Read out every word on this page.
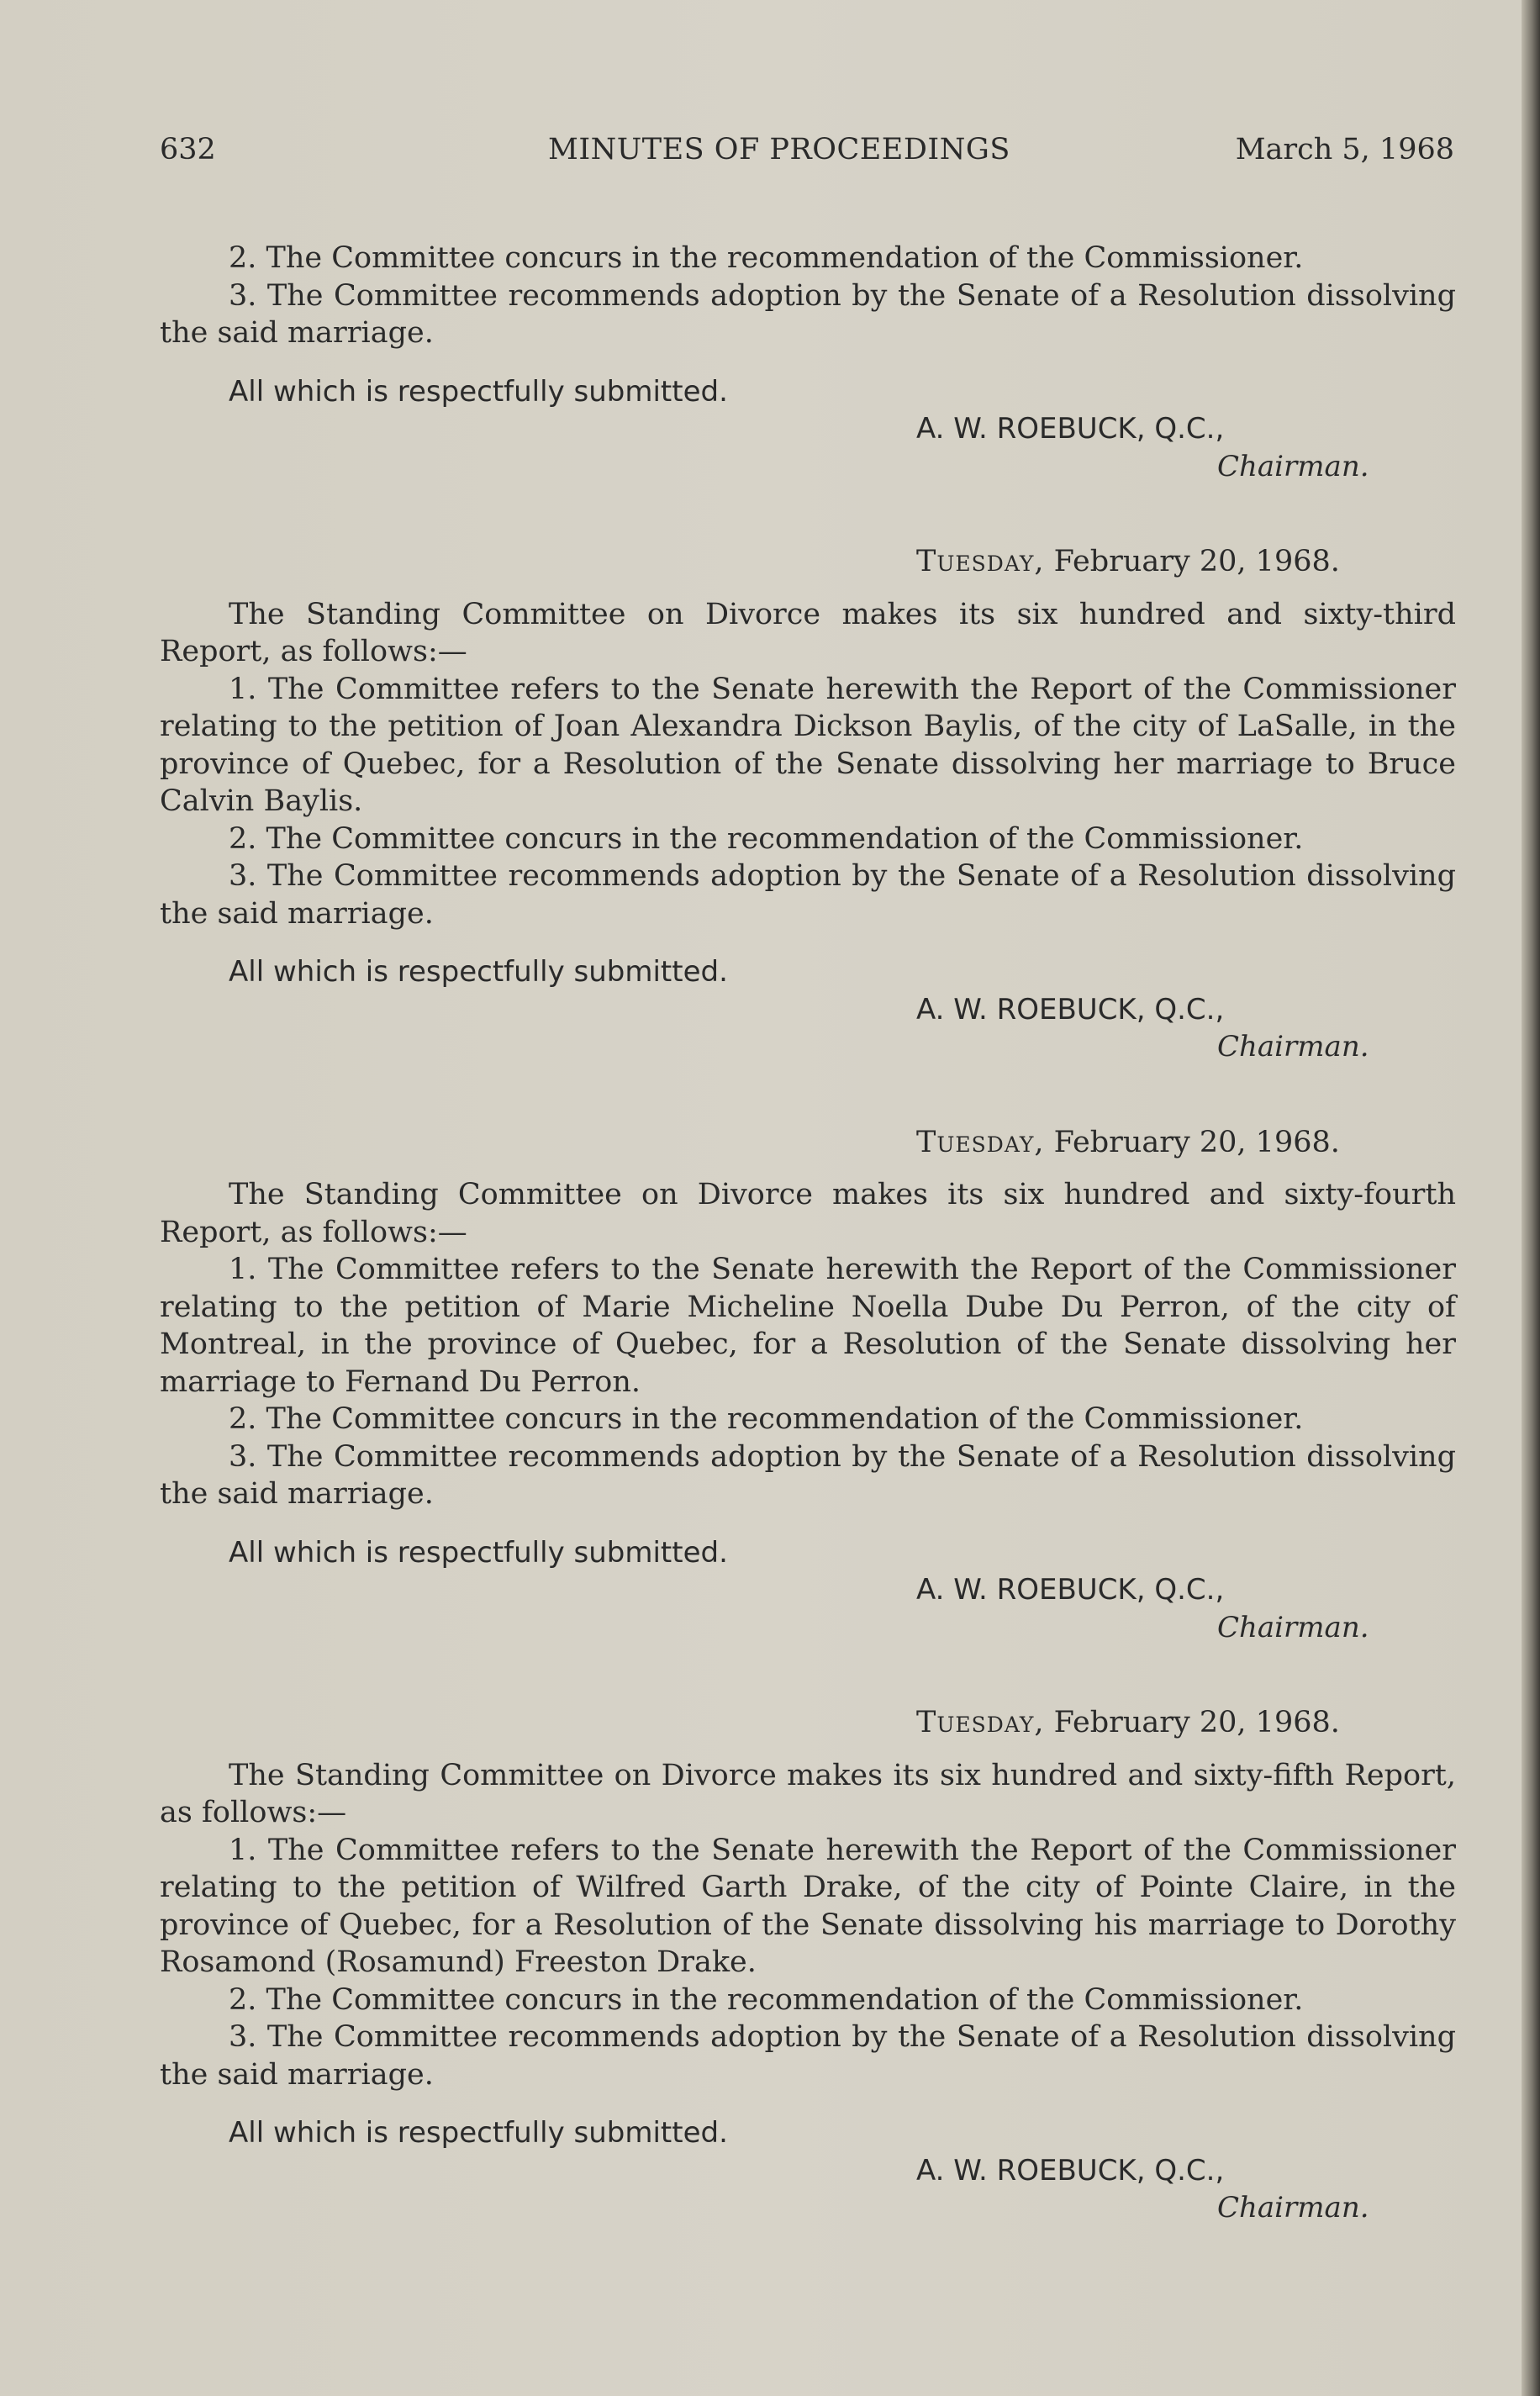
632	MINUTES OF PROCEEDINGS	March 5, 1968

2. The Committee concurs in the recommendation of the Commissioner.

3. The Committee recommends adoption by the Senate of a Resolution dissolving the said marriage.

All which is respectfully submitted.

A. W. ROEBUCK, Q.C.,

Chairman.

Tuesday, February 20, 1968.

The Standing Committee on Divorce makes its six hundred and sixty-third Report, as follows:—

1. The Committee refers to the Senate herewith the Report of the Commissioner relating to the petition of Joan Alexandra Dickson Baylis, of the city of LaSalle, in the province of Quebec, for a Resolution of the Senate dissolving her marriage to Bruce Calvin Baylis.

2. The Committee concurs in the recommendation of the Commissioner.

3. The Committee recommends adoption by the Senate of a Resolution dissolving the said marriage.

All which is respectfully submitted.

A. W. ROEBUCK, Q.C.,

Chairman.

Tuesday, February 20, 1968.

The Standing Committee on Divorce makes its six hundred and sixty-fourth Report, as follows:—

1. The Committee refers to the Senate herewith the Report of the Commissioner relating to the petition of Marie Micheline Noella Dube Du Perron, of the city of Montreal, in the province of Quebec, for a Resolution of the Senate dissolving her marriage to Fernand Du Perron.

2. The Committee concurs in the recommendation of the Commissioner.

3. The Committee recommends adoption by the Senate of a Resolution dissolving the said marriage.

All which is respectfully submitted.

A. W. ROEBUCK, Q.C.,

Chairman.

Tuesday, February 20, 1968.

The Standing Committee on Divorce makes its six hundred and sixty-fifth Report, as follows:—

1. The Committee refers to the Senate herewith the Report of the Commissioner relating to the petition of Wilfred Garth Drake, of the city of Pointe Claire, in the province of Quebec, for a Resolution of the Senate dissolving his marriage to Dorothy Rosamond (Rosamund) Freeston Drake.

2. The Committee concurs in the recommendation of the Commissioner.

3. The Committee recommends adoption by the Senate of a Resolution dissolving the said marriage.

All which is respectfully submitted.

A. W. ROEBUCK, Q.C.,

Chairman.
